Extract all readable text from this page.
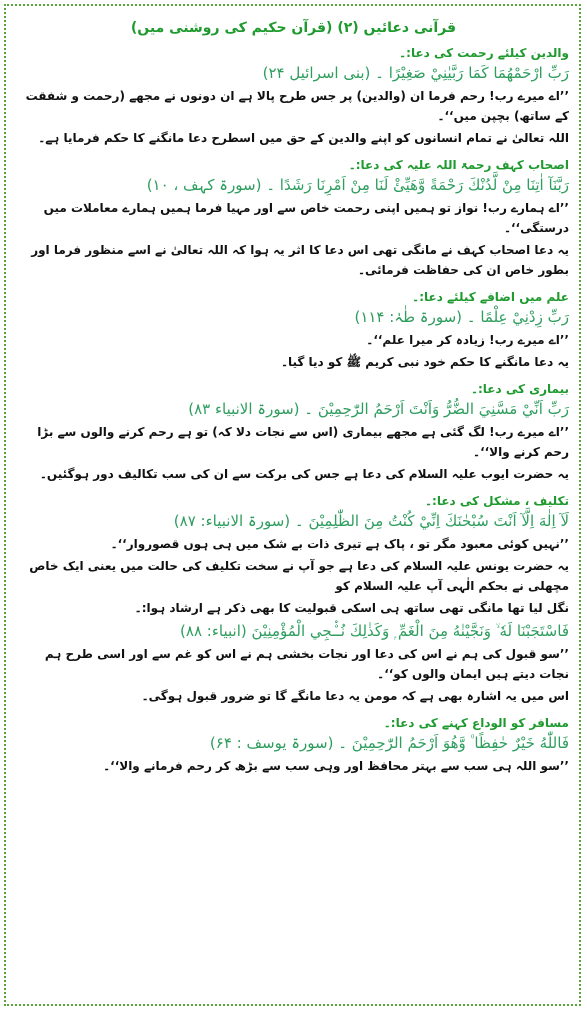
قرآنی دعائیں (۲) (قرآن حکیم کی روشنی میں)
والدین کیلئے رحمت کی دعا:۔
رَبِّ ارْحَمْهُمَا كَمَا رَبَّيٰنِيْ صَغِيْرًا ۔ (بنی اسرائیل ۲۴)
’’اے میرے رب! رحم فرما ان (والدین) پر جس طرح پالا ہے ان دونوں نے مجھے (رحمت و شفقت کے ساتھ) بچپن میں‘‘۔
اللہ تعالیٰ نے تمام انسانوں کو اپنے والدین کے حق میں اسطرح دعا مانگنے کا حکم فرمایا ہے۔
اصحاب کہف رحمۃ اللہ علیہ کی دعا:۔
رَبَّنَآ اٰتِنَا مِنْ لَّدُنْكَ رَحْمَةً وَّهَيِّئْ لَنَا مِنْ اَمْرِنَا رَشَدًا ۔ (سورۃ کہف ، ۱۰)
’’اے ہمارے رب! نواز تو ہمیں اپنی رحمت خاص سے اور مہیا فرما ہمیں ہمارے معاملات میں درستگی‘‘۔
یہ دعا اصحاب کہف نے مانگی تھی اس دعا کا اثر یہ ہوا کہ اللہ تعالیٰ نے اسے منظور فرما اور بطور خاص ان کی حفاظت فرمائی۔
علم میں اضافے کیلئے دعا:۔
رَبِّ زِدْنِيْ عِلْمًا ۔ (سورۃ طٰہٰ: ۱۱۴)
’’اے میرے رب! زیادہ کر میرا علم‘‘۔
یہ دعا مانگنے کا حکم خود نبی کریم ﷺ کو دیا گیا۔
بیماری کی دعا:۔
رَبِّ اَنِّيْ مَسَّنِيَ الضُّرُّ وَاَنْتَ اَرْحَمُ الرّٰحِمِيْنَ ۔ (سورۃ الانبیاء ۸۳)
’’اے میرے رب! لگ گئی ہے مجھے بیماری (اس سے نجات دلا کہ) تو ہے رحم کرنے والوں سے بڑا رحم کرنے والا‘‘۔
یہ حضرت ایوب علیہ السلام کی دعا ہے جس کی برکت سے ان کی سب تکالیف دور ہوگئیں۔
تکلیف ، مشکل کی دعا:۔
لَآ اِلٰهَ اِلَّآ اَنْتَ سُبْحٰنَكَ اِنِّيْ كُنْتُ مِنَ الظّٰلِمِيْنَ ۔ (سورۃ الانبیاء: ۸۷)
’’نہیں کوئی معبود مگر تو ، پاک ہے تیری ذات بے شک میں ہی ہوں قصوروار‘‘۔
یہ حضرت یونس علیہ السلام کی دعا ہے جو آپ نے سخت تکلیف کی حالت میں یعنی ایک خاص مچھلی نے بحکم الٰہی آپ علیہ السلام کو
نگل لیا تھا مانگی تھی ساتھ ہی اسکی قبولیت کا بھی ذکر ہے ارشاد ہوا:۔
فَاسْتَجَبْنَا لَهٗ ۙ وَنَجَّيْنٰهُ مِنَ الْغَمِّ ۭ وَكَذٰلِكَ نُـْۨجِي الْمُؤْمِنِيْنَ (انبیاء: ۸۸)
’’سو قبول کی ہم نے اس کی دعا اور نجات بخشی ہم نے اس کو غم سے اور اسی طرح ہم نجات دیتے ہیں ایمان والوں کو‘‘۔
اس میں یہ اشارہ بھی ہے کہ مومن یہ دعا مانگے گا تو ضرور قبول ہوگی۔
مسافر کو الوداع کہنے کی دعا:۔
فَاللّٰهُ خَيْرٌ حٰفِظًا ۠ وَّهُوَ اَرْحَمُ الرّٰحِمِيْنَ ۔ (سورۃ یوسف : ۶۴)
’’سو اللہ ہی سب سے بہتر محافظ اور وہی سب سے بڑھ کر رحم فرمانے والا‘‘۔
